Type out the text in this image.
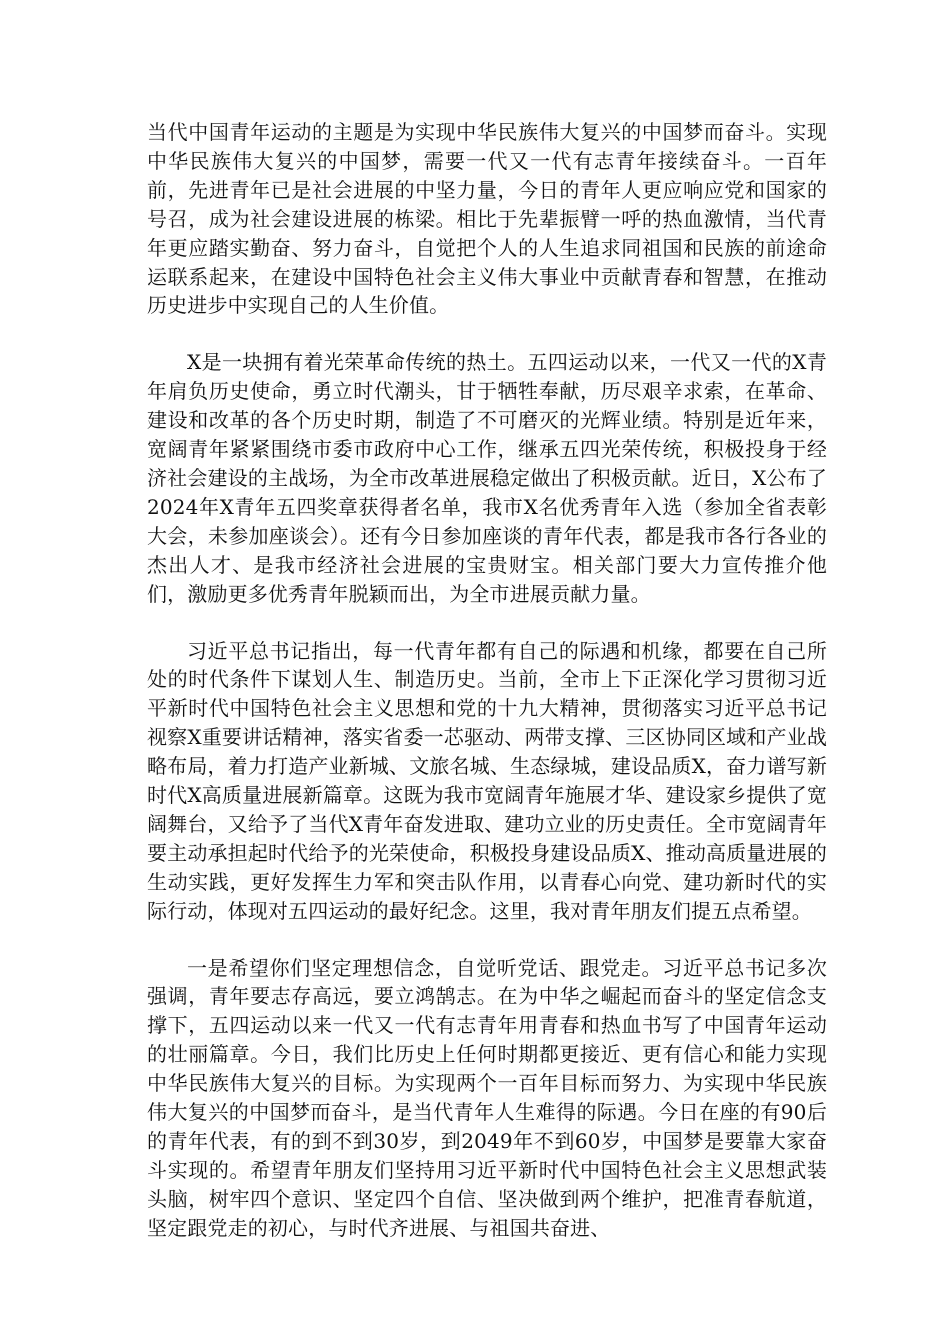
当代中国青年运动的主题是为实现中华民族伟大复兴的中国梦而奋斗。实现中华民族伟大复兴的中国梦，需要一代又一代有志青年接续奋斗。一百年前，先进青年已是社会进展的中坚力量，今日的青年人更应响应党和国家的号召，成为社会建设进展的栋梁。相比于先辈振臂一呼的热血激情，当代青年更应踏实勤奋、努力奋斗，自觉把个人的人生追求同祖国和民族的前途命运联系起来，在建设中国特色社会主义伟大事业中贡献青春和智慧，在推动历史进步中实现自己的人生价值。

X是一块拥有着光荣革命传统的热土。五四运动以来，一代又一代的X青年肩负历史使命，勇立时代潮头，甘于牺牲奉献，历尽艰辛求索，在革命、建设和改革的各个历史时期，制造了不可磨灭的光辉业绩。特别是近年来，宽阔青年紧紧围绕市委市政府中心工作，继承五四光荣传统，积极投身于经济社会建设的主战场，为全市改革进展稳定做出了积极贡献。近日，X公布了2024年X青年五四奖章获得者名单，我市X名优秀青年入选（参加全省表彰大会，未参加座谈会）。还有今日参加座谈的青年代表，都是我市各行各业的杰出人才、是我市经济社会进展的宝贵财宝。相关部门要大力宣传推介他们，激励更多优秀青年脱颖而出，为全市进展贡献力量。

习近平总书记指出，每一代青年都有自己的际遇和机缘，都要在自己所处的时代条件下谋划人生、制造历史。当前，全市上下正深化学习贯彻习近平新时代中国特色社会主义思想和党的十九大精神，贯彻落实习近平总书记视察X重要讲话精神，落实省委一芯驱动、两带支撑、三区协同区域和产业战略布局，着力打造产业新城、文旅名城、生态绿城，建设品质X，奋力谱写新时代X高质量进展新篇章。这既为我市宽阔青年施展才华、建设家乡提供了宽阔舞台，又给予了当代X青年奋发进取、建功立业的历史责任。全市宽阔青年要主动承担起时代给予的光荣使命，积极投身建设品质X、推动高质量进展的生动实践，更好发挥生力军和突击队作用，以青春心向党、建功新时代的实际行动，体现对五四运动的最好纪念。这里，我对青年朋友们提五点希望。

一是希望你们坚定理想信念，自觉听党话、跟党走。习近平总书记多次强调，青年要志存高远，要立鸿鹄志。在为中华之崛起而奋斗的坚定信念支撑下，五四运动以来一代又一代有志青年用青春和热血书写了中国青年运动的壮丽篇章。今日，我们比历史上任何时期都更接近、更有信心和能力实现中华民族伟大复兴的目标。为实现两个一百年目标而努力、为实现中华民族伟大复兴的中国梦而奋斗，是当代青年人生难得的际遇。今日在座的有90后的青年代表，有的到不到30岁，到2049年不到60岁，中国梦是要靠大家奋斗实现的。希望青年朋友们坚持用习近平新时代中国特色社会主义思想武装头脑，树牢四个意识、坚定四个自信、坚决做到两个维护，把准青春航道，坚定跟党走的初心，与时代齐进展、与祖国共奋进、
